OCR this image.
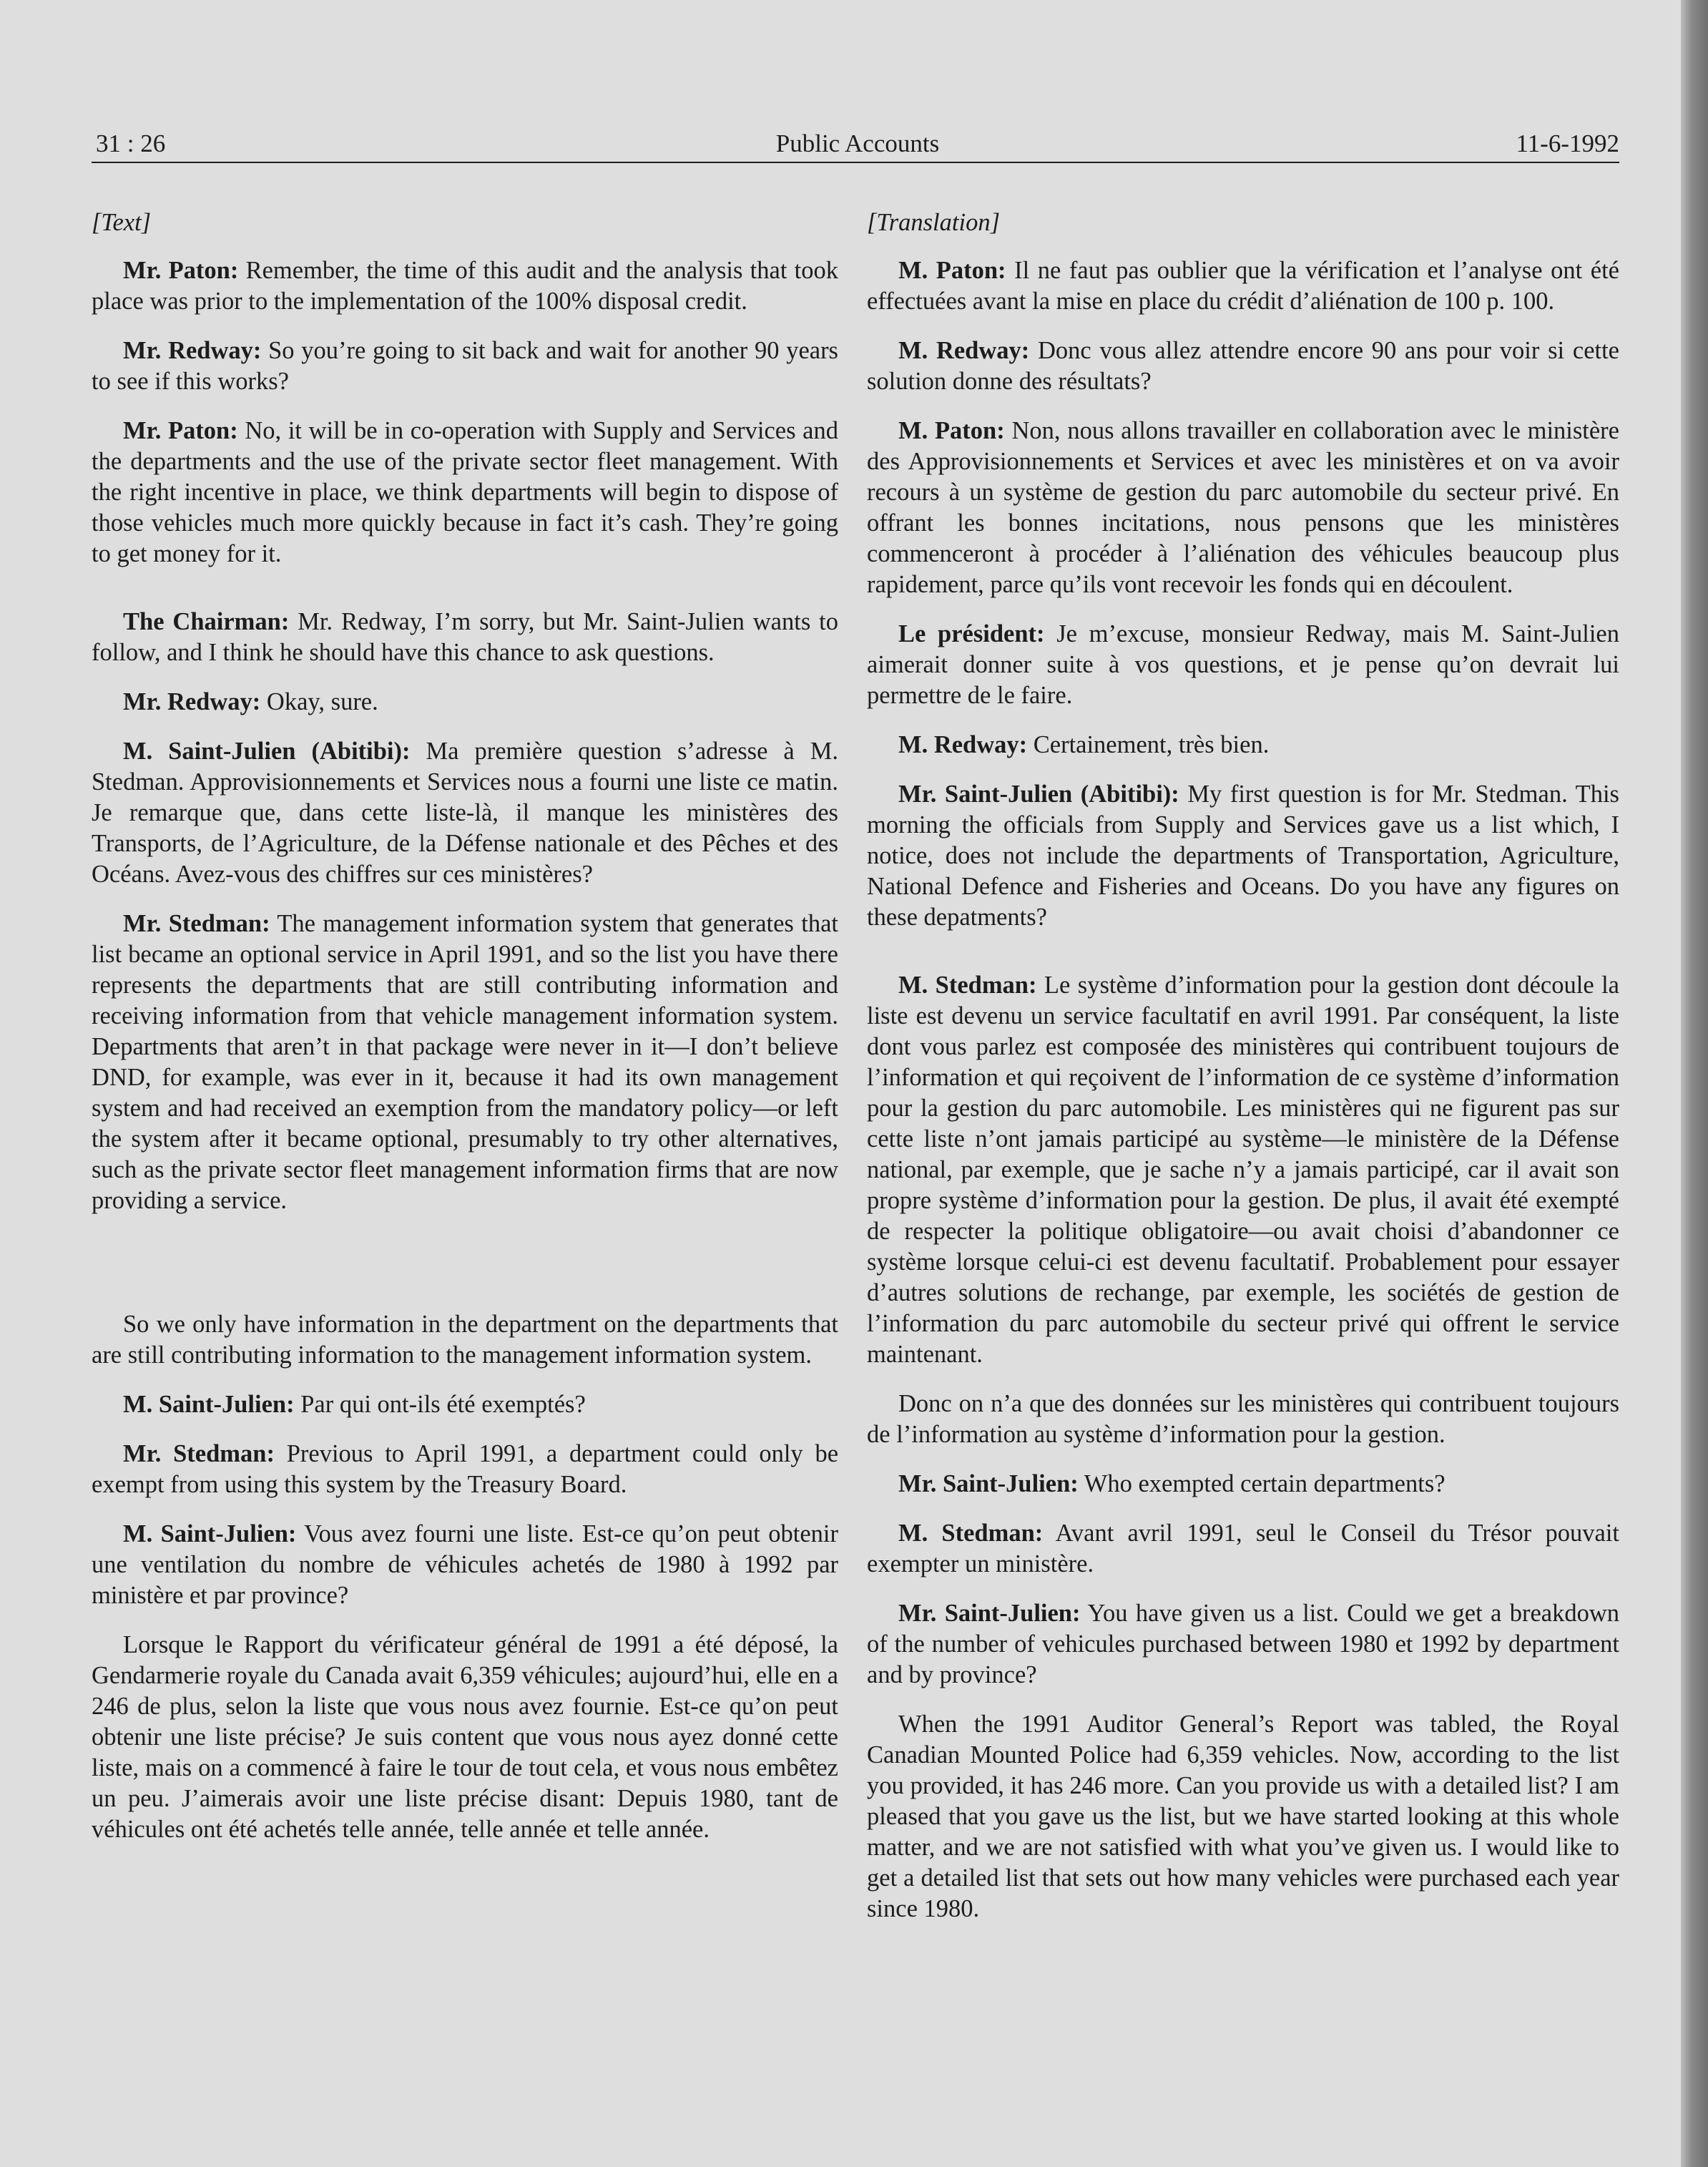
31 : 26	Public Accounts	11-6-1992

[Text]

Mr. Paton: Remember, the time of this audit and the analysis that took place was prior to the implementation of the 100% disposal credit.

Mr. Redway: So you’re going to sit back and wait for another 90 years to see if this works?

Mr. Paton: No, it will be in co-operation with Supply and Services and the departments and the use of the private sector fleet management. With the right incentive in place, we think departments will begin to dispose of those vehicles much more quickly because in fact it’s cash. They’re going to get money for it.

The Chairman: Mr. Redway, I’m sorry, but Mr. Saint-Julien wants to follow, and I think he should have this chance to ask questions.

Mr. Redway: Okay, sure.

M. Saint-Julien (Abitibi): Ma première question s’adresse à M. Stedman. Approvisionnements et Services nous a fourni une liste ce matin. Je remarque que, dans cette liste-là, il manque les ministères des Transports, de l’Agriculture, de la Défense nationale et des Pêches et des Océans. Avez-vous des chiffres sur ces ministères?

Mr. Stedman: The management information system that generates that list became an optional service in April 1991, and so the list you have there represents the departments that are still contributing information and receiving information from that vehicle management information system. Departments that aren’t in that package were never in it—I don’t believe DND, for example, was ever in it, because it had its own management system and had received an exemption from the mandatory policy—or left the system after it became optional, presumably to try other alternatives, such as the private sector fleet management information firms that are now providing a service.

So we only have information in the department on the departments that are still contributing information to the management information system.

M. Saint-Julien: Par qui ont-ils été exemptés?

Mr. Stedman: Previous to April 1991, a department could only be exempt from using this system by the Treasury Board.

M. Saint-Julien: Vous avez fourni une liste. Est-ce qu’on peut obtenir une ventilation du nombre de véhicules achetés de 1980 à 1992 par ministère et par province?

Lorsque le Rapport du vérificateur général de 1991 a été déposé, la Gendarmerie royale du Canada avait 6,359 véhicules; aujourd’hui, elle en a 246 de plus, selon la liste que vous nous avez fournie. Est-ce qu’on peut obtenir une liste précise? Je suis content que vous nous ayez donné cette liste, mais on a commencé à faire le tour de tout cela, et vous nous embêtez un peu. J’aimerais avoir une liste précise disant: Depuis 1980, tant de véhicules ont été achetés telle année, telle année et telle année.

[Translation]

M. Paton: Il ne faut pas oublier que la vérification et l’analyse ont été effectuées avant la mise en place du crédit d’aliénation de 100 p. 100.

M. Redway: Donc vous allez attendre encore 90 ans pour voir si cette solution donne des résultats?

M. Paton: Non, nous allons travailler en collaboration avec le ministère des Approvisionnements et Services et avec les ministères et on va avoir recours à un système de gestion du parc automobile du secteur privé. En offrant les bonnes incitations, nous pensons que les ministères commenceront à procéder à l’aliénation des véhicules beaucoup plus rapidement, parce qu’ils vont recevoir les fonds qui en découlent.

Le président: Je m’excuse, monsieur Redway, mais M. Saint-Julien aimerait donner suite à vos questions, et je pense qu’on devrait lui permettre de le faire.

M. Redway: Certainement, très bien.

Mr. Saint-Julien (Abitibi): My first question is for Mr. Stedman. This morning the officials from Supply and Services gave us a list which, I notice, does not include the departments of Transportation, Agriculture, National Defence and Fisheries and Oceans. Do you have any figures on these depatments?

M. Stedman: Le système d’information pour la gestion dont découle la liste est devenu un service facultatif en avril 1991. Par conséquent, la liste dont vous parlez est composée des ministères qui contribuent toujours de l’information et qui reçoivent de l’information de ce système d’information pour la gestion du parc automobile. Les ministères qui ne figurent pas sur cette liste n’ont jamais participé au système—le ministère de la Défense national, par exemple, que je sache n’y a jamais participé, car il avait son propre système d’information pour la gestion. De plus, il avait été exempté de respecter la politique obligatoire—ou avait choisi d’abandonner ce système lorsque celui-ci est devenu facultatif. Probablement pour essayer d’autres solutions de rechange, par exemple, les sociétés de gestion de l’information du parc automobile du secteur privé qui offrent le service maintenant.

Donc on n’a que des données sur les ministères qui contribuent toujours de l’information au système d’information pour la gestion.

Mr. Saint-Julien: Who exempted certain departments?

M. Stedman: Avant avril 1991, seul le Conseil du Trésor pouvait exempter un ministère.

Mr. Saint-Julien: You have given us a list. Could we get a breakdown of the number of vehicules purchased between 1980 et 1992 by department and by province?

When the 1991 Auditor General’s Report was tabled, the Royal Canadian Mounted Police had 6,359 vehicles. Now, according to the list you provided, it has 246 more. Can you provide us with a detailed list? I am pleased that you gave us the list, but we have started looking at this whole matter, and we are not satisfied with what you’ve given us. I would like to get a detailed list that sets out how many vehicles were purchased each year since 1980.
